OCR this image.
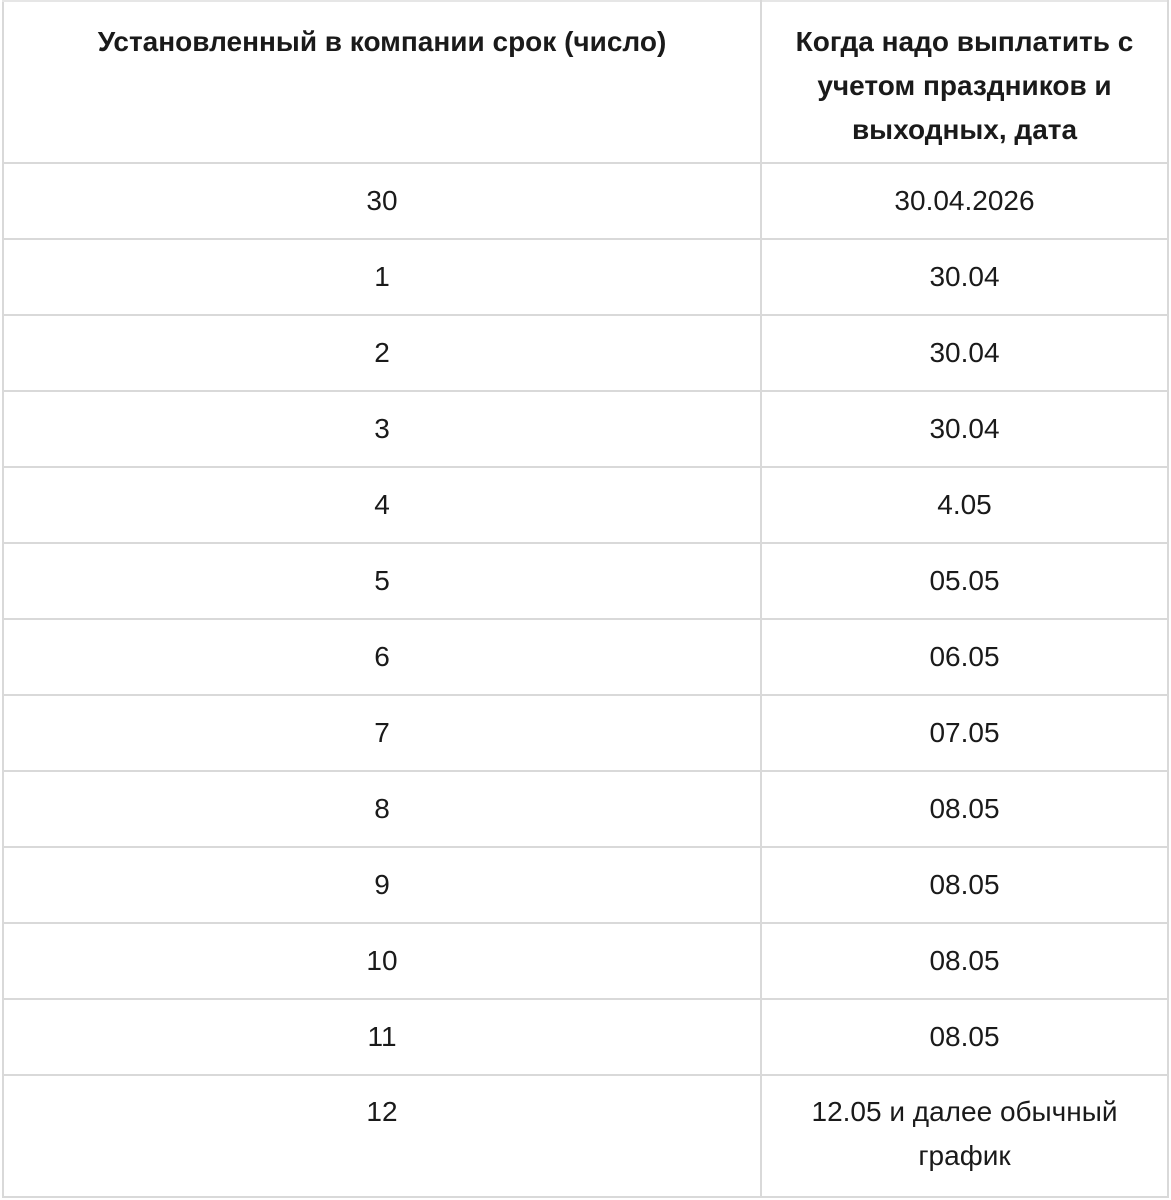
Установленный в компании срок (число)	Когда надо выплатить с учетом праздников и выходных, дата
30	30.04.2026
1	30.04
2	30.04
3	30.04
4	4.05
5	05.05
6	06.05
7	07.05
8	08.05
9	08.05
10	08.05
11	08.05
12	12.05 и далее обычный график
